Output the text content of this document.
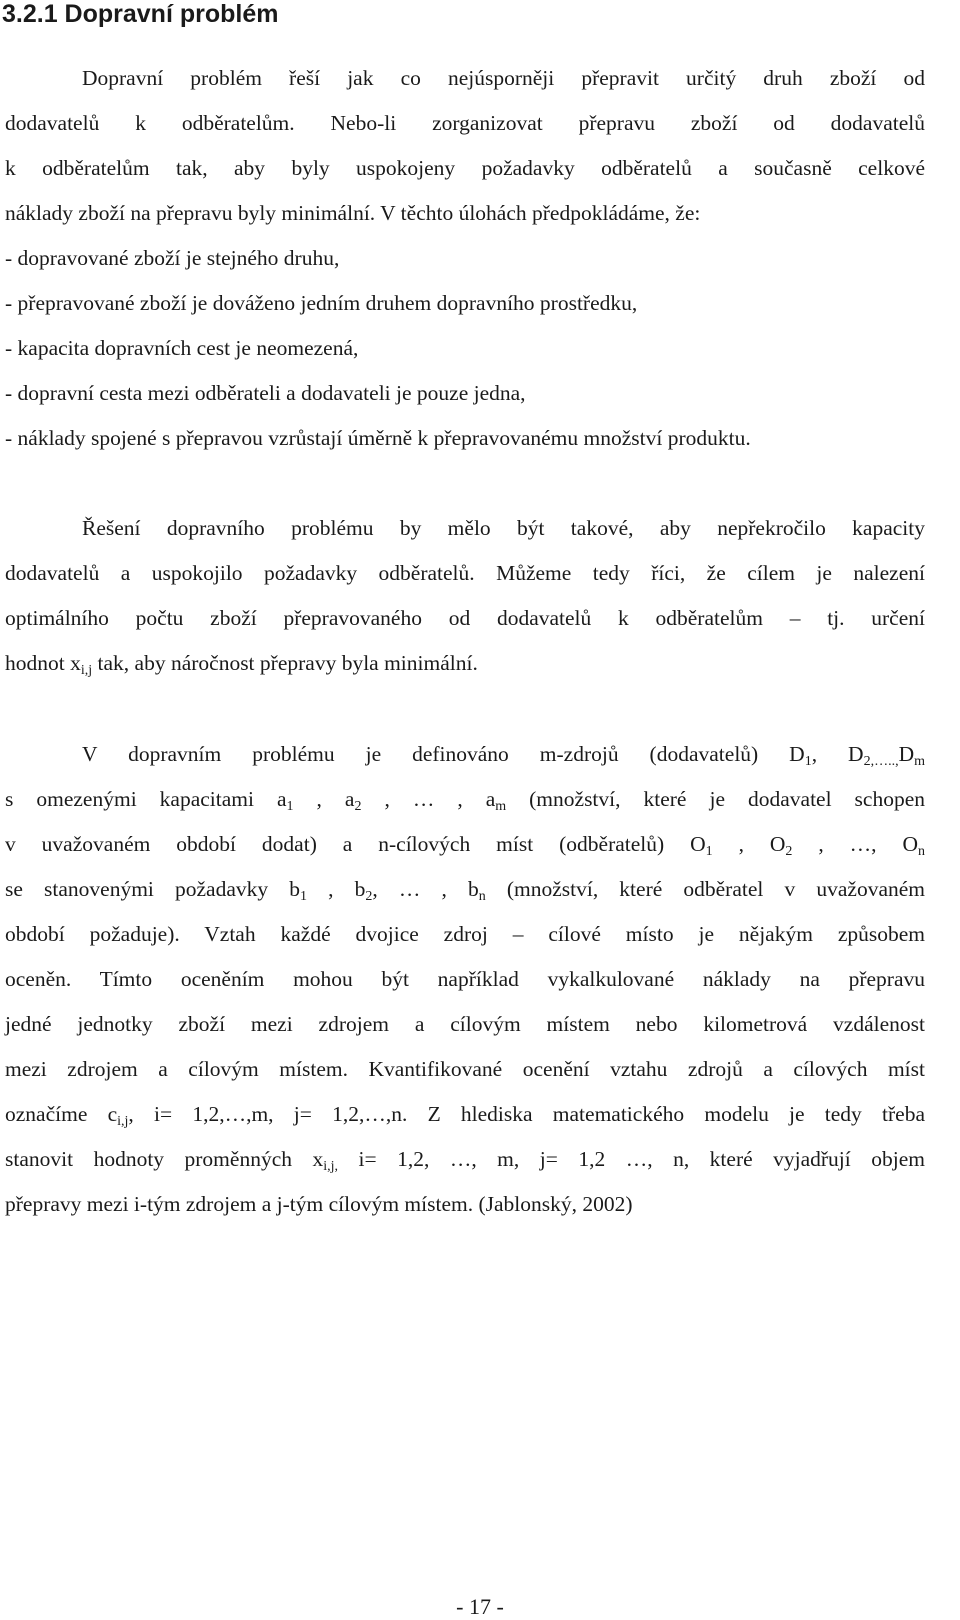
3.2.1 Dopravní problém
Dopravní problém řeší jak co nejúsporněji přepravit určitý druh zboží od
dodavatelů k odběratelům. Nebo-li zorganizovat přepravu zboží od dodavatelů
k odběratelům tak, aby byly uspokojeny požadavky odběratelů a současně celkové
náklady zboží na přepravu byly minimální. V těchto úlohách předpokládáme, že:
- dopravované zboží je stejného druhu,
- přepravované zboží je dováženo jedním druhem dopravního prostředku,
- kapacita dopravních cest je neomezená,
- dopravní cesta mezi odběrateli a dodavateli je pouze jedna,
- náklady spojené s přepravou vzrůstají úměrně k přepravovanému množství produktu.
Řešení dopravního problému by mělo být takové, aby nepřekročilo kapacity
dodavatelů a uspokojilo požadavky odběratelů. Můžeme tedy říci, že cílem je nalezení
optimálního počtu zboží přepravovaného od dodavatelů k odběratelům – tj. určení
hodnot $x_{i,j}$ tak, aby náročnost přepravy byla minimální.
V dopravním problému je definováno m-zdrojů (dodavatelů) $D_1$, $D_{2,\dots..,}D_m$
s omezenými kapacitami $a_1$ , $a_2$ , … , $a_m$ (množství, které je dodavatel schopen
v uvažovaném období dodat) a n-cílových míst (odběratelů) $O_1$ , $O_2$ , …, $O_n$
se stanovenými požadavky $b_1$ , $b_2$, … , $b_n$ (množství, které odběratel v uvažovaném
období požaduje). Vztah každé dvojice zdroj – cílové místo je nějakým způsobem
oceněn. Tímto oceněním mohou být například vykalkulované náklady na přepravu
jedné jednotky zboží mezi zdrojem a cílovým místem nebo kilometrová vzdálenost
mezi zdrojem a cílovým místem. Kvantifikované ocenění vztahu zdrojů a cílových míst
označíme $c_{i,j}$, i= 1,2,…,m, j= 1,2,…,n. Z hlediska matematického modelu je tedy třeba
stanovit hodnoty proměnných $x_{i,j,}$ i= 1,2, …, m, j= 1,2 …, n, které vyjadřují objem
přepravy mezi i-tým zdrojem a j-tým cílovým místem. (Jablonský, 2002)
- 17 -
